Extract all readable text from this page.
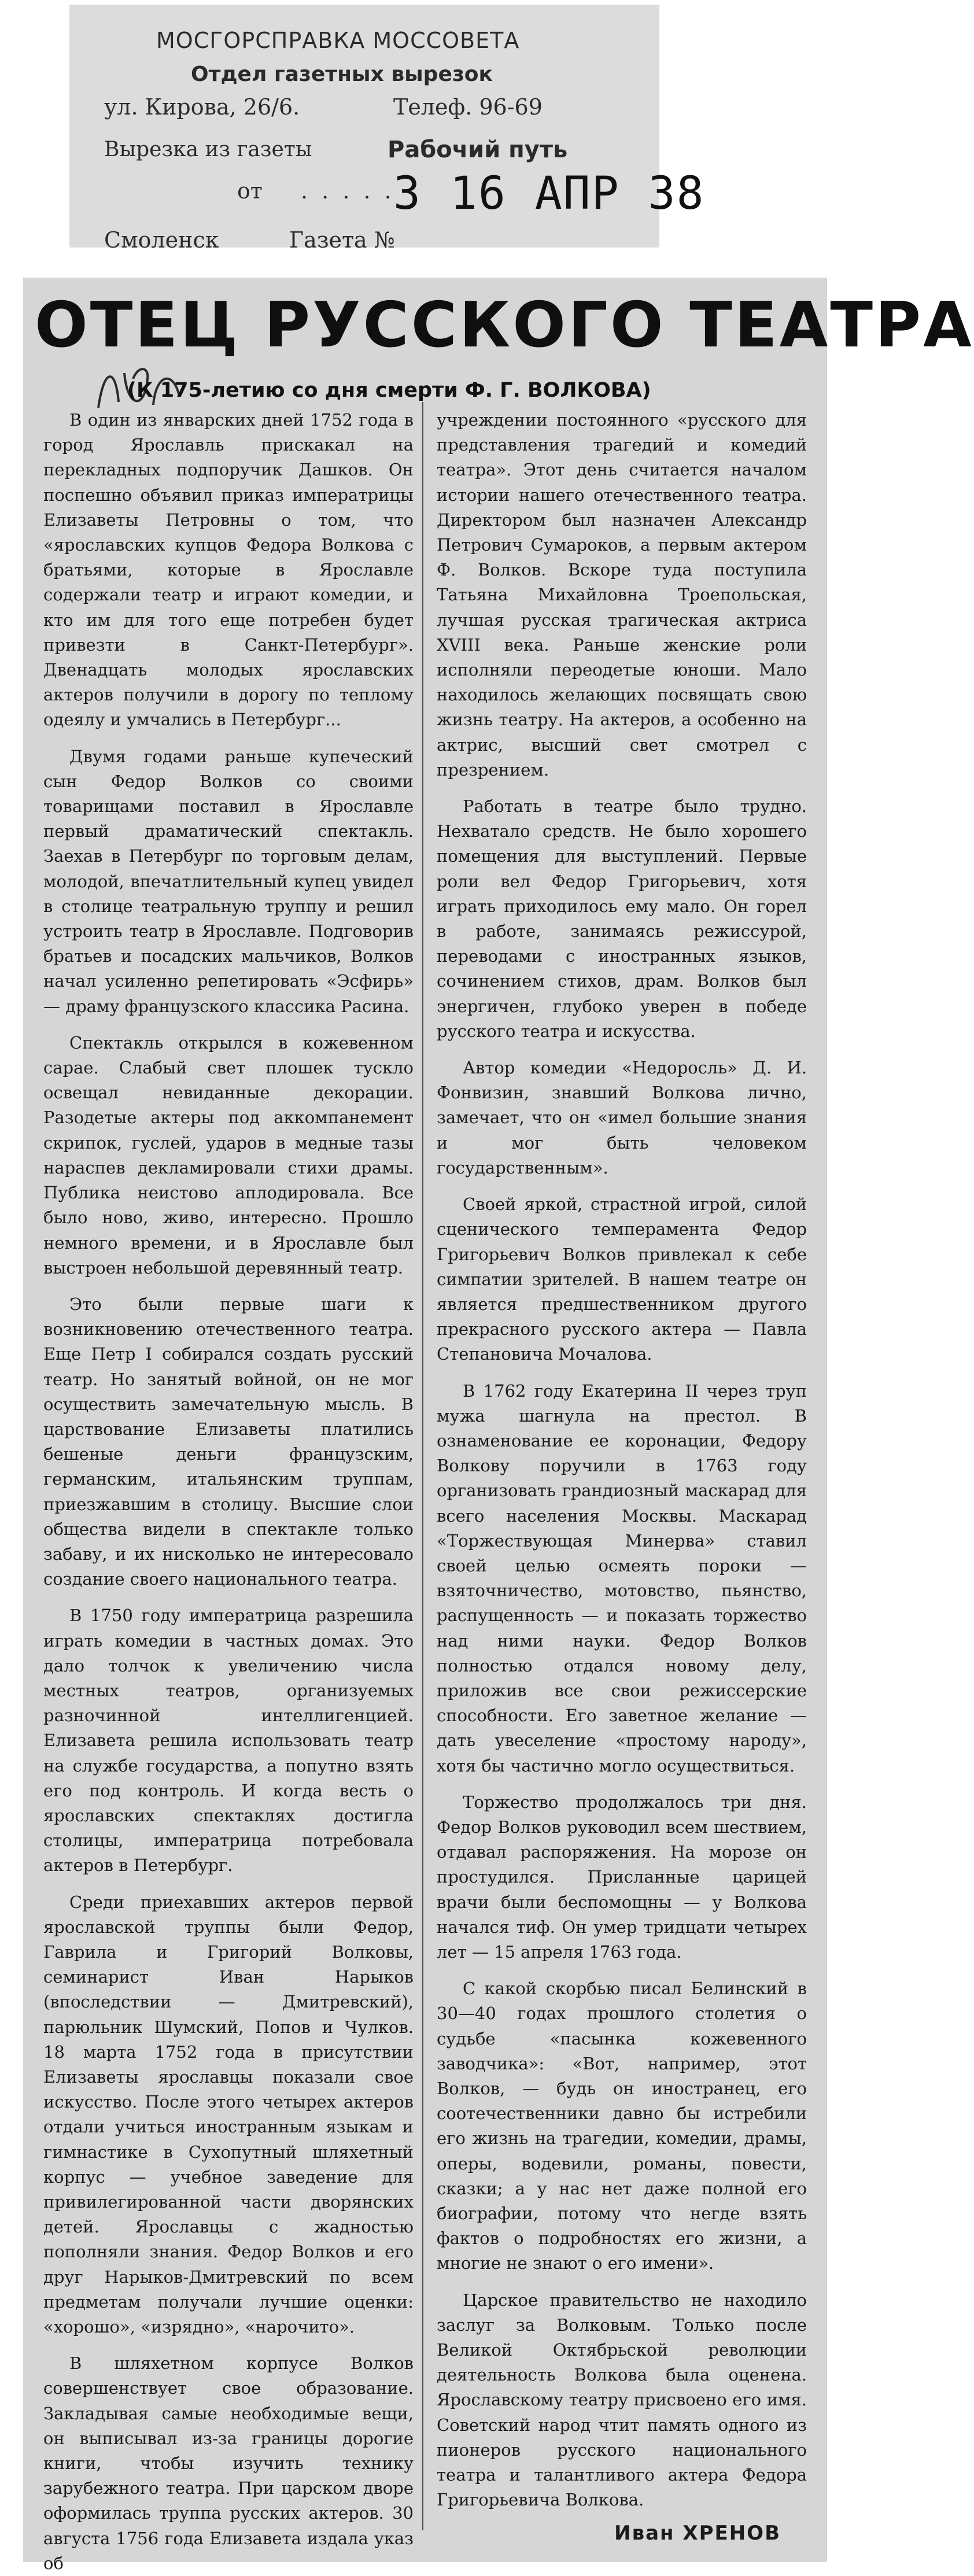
МОСГОРСПРАВКА МОССОВЕТА
Отдел газетных вырезок
ул. Кирова, 26/6.	Телеф. 96-69
Вырезка из газеты	Рабочий путь
от . . . . .
3 16 АПР 38
Смоленск	Газета №
ОТЕЦ РУССКОГО ТЕАТРА
(К 175-летию со дня смерти Ф. Г. ВОЛКОВА)

В один из январских дней 1752 года в город Ярославль прискакал на перекладных подпоручик Дашков. Он поспешно объявил приказ императрицы Елизаветы Петровны о том, что «ярославских купцов Федора Волкова с братьями, которые в Ярославле содержали театр и играют комедии, и кто им для того еще потребен будет привезти в Санкт-Петербург». Двенадцать молодых ярославских актеров получили в дорогу по теплому одеялу и умчались в Петербург...

Двумя годами раньше купеческий сын Федор Волков со своими товарищами поставил в Ярославле первый драматический спектакль. Заехав в Петербург по торговым делам, молодой, впечатлительный купец увидел в столице театральную труппу и решил устроить театр в Ярославле. Подговорив братьев и посадских мальчиков, Волков начал усиленно репетировать «Эсфирь» — драму французского классика Расина.

Спектакль открылся в кожевенном сарае. Слабый свет плошек тускло освещал невиданные декорации. Разодетые актеры под аккомпанемент скрипок, гуслей, ударов в медные тазы нараспев декламировали стихи драмы. Публика неистово аплодировала. Все было ново, живо, интересно. Прошло немного времени, и в Ярославле был выстроен небольшой деревянный театр.

Это были первые шаги к возникновению отечественного театра. Еще Петр I собирался создать русский театр. Но занятый войной, он не мог осуществить замечательную мысль. В царствование Елизаветы платились бешеные деньги французским, германским, итальянским труппам, приезжавшим в столицу. Высшие слои общества видели в спектакле только забаву, и их нисколько не интересовало создание своего национального театра.

В 1750 году императрица разрешила играть комедии в частных домах. Это дало толчок к увеличению числа местных театров, организуемых разночинной интеллигенцией. Елизавета решила использовать театр на службе государства, а попутно взять его под контроль. И когда весть о ярославских спектаклях достигла столицы, императрица потребовала актеров в Петербург.

Среди приехавших актеров первой ярославской труппы были Федор, Гаврила и Григорий Волковы, семинарист Иван Нарыков (впоследствии — Дмитревский), парюльник Шумский, Попов и Чулков. 18 марта 1752 года в присутствии Елизаветы ярославцы показали свое искусство. После этого четырех актеров отдали учиться иностранным языкам и гимнастике в Сухопутный шляхетный корпус — учебное заведение для привилегированной части дворянских детей. Ярославцы с жадностью пополняли знания. Федор Волков и его друг Нарыков-Дмитревский по всем предметам получали лучшие оценки: «хорошо», «изрядно», «нарочито».

В шляхетном корпусе Волков совершенствует свое образование. Закладывая самые необходимые вещи, он выписывал из-за границы дорогие книги, чтобы изучить технику зарубежного театра. При царском дворе оформилась труппа русских актеров. 30 августа 1756 года Елизавета издала указ об

учреждении постоянного «русского для представления трагедий и комедий театра». Этот день считается началом истории нашего отечественного театра. Директором был назначен Александр Петрович Сумароков, а первым актером Ф. Волков. Вскоре туда поступила Татьяна Михайловна Троепольская, лучшая русская трагическая актриса XVIII века. Раньше женские роли исполняли переодетые юноши. Мало находилось желающих посвящать свою жизнь театру. На актеров, а особенно на актрис, высший свет смотрел с презрением.

Работать в театре было трудно. Нехватало средств. Не было хорошего помещения для выступлений. Первые роли вел Федор Григорьевич, хотя играть приходилось ему мало. Он горел в работе, занимаясь режиссурой, переводами с иностранных языков, сочинением стихов, драм. Волков был энергичен, глубоко уверен в победе русского театра и искусства.

Автор комедии «Недоросль» Д. И. Фонвизин, знавший Волкова лично, замечает, что он «имел большие знания и мог быть человеком государственным».

Своей яркой, страстной игрой, силой сценического темперамента Федор Григорьевич Волков привлекал к себе симпатии зрителей. В нашем театре он является предшественником другого прекрасного русского актера — Павла Степановича Мочалова.

В 1762 году Екатерина II через труп мужа шагнула на престол. В ознаменование ее коронации, Федору Волкову поручили в 1763 году организовать грандиозный маскарад для всего населения Москвы. Маскарад «Торжествующая Минерва» ставил своей целью осмеять пороки — взяточничество, мотовство, пьянство, распущенность — и показать торжество над ними науки. Федор Волков полностью отдался новому делу, приложив все свои режиссерские способности. Его заветное желание — дать увеселение «простому народу», хотя бы частично могло осуществиться.

Торжество продолжалось три дня. Федор Волков руководил всем шествием, отдавал распоряжения. На морозе он простудился. Присланные царицей врачи были беспомощны — у Волкова начался тиф. Он умер тридцати четырех лет — 15 апреля 1763 года.

С какой скорбью писал Белинский в 30—40 годах прошлого столетия о судьбе «пасынка кожевенного заводчика»: «Вот, например, этот Волков, — будь он иностранец, его соотечественники давно бы истребили его жизнь на трагедии, комедии, драмы, оперы, водевили, романы, повести, сказки; а у нас нет даже полной его биографии, потому что негде взять фактов о подробностях его жизни, а многие не знают о его имени».

Царское правительство не находило заслуг за Волковым. Только после Великой Октябрьской революции деятельность Волкова была оценена. Ярославскому театру присвоено его имя. Советский народ чтит память одного из пионеров русского национального театра и талантливого актера Федора Григорьевича Волкова.

Иван ХРЕНОВ
